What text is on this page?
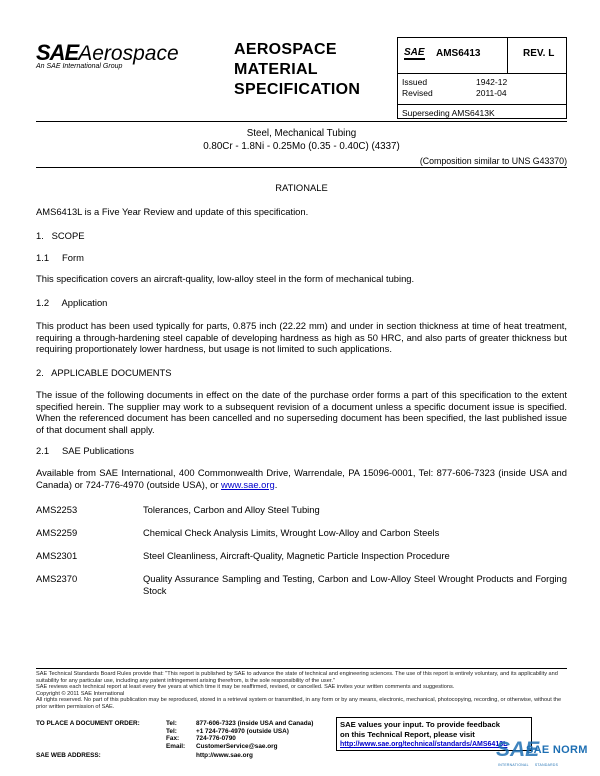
SAEAerospace
An SAE International Group
AEROSPACE
MATERIAL
SPECIFICATION
SAE AMS6413	REV. L
Issued	1942-12
Revised	2011-04
Superseding AMS6413K
Steel, Mechanical Tubing
0.80Cr - 1.8Ni - 0.25Mo (0.35 - 0.40C) (4337)
(Composition similar to UNS G43370)
RATIONALE
AMS6413L is a Five Year Review and update of this specification.
1.   SCOPE
1.1     Form
This specification covers an aircraft-quality, low-alloy steel in the form of mechanical tubing.
1.2     Application
This product has been used typically for parts, 0.875 inch (22.22 mm) and under in section thickness at time of heat treatment, requiring a through-hardening steel capable of developing hardness as high as 50 HRC, and also parts of greater thickness but requiring proportionately lower hardness, but usage is not limited to such applications.
2.   APPLICABLE DOCUMENTS
The issue of the following documents in effect on the date of the purchase order forms a part of this specification to the extent specified herein. The supplier may work to a subsequent revision of a document unless a specific document issue is specified. When the referenced document has been cancelled and no superseding document has been specified, the last published issue of that document shall apply.
2.1     SAE Publications
Available from SAE International, 400 Commonwealth Drive, Warrendale, PA 15096-0001, Tel: 877-606-7323 (inside USA and Canada) or 724-776-4970 (outside USA), or www.sae.org.
AMS2253	Tolerances, Carbon and Alloy Steel Tubing
AMS2259	Chemical Check Analysis Limits, Wrought Low-Alloy and Carbon Steels
AMS2301	Steel Cleanliness, Aircraft-Quality, Magnetic Particle Inspection Procedure
AMS2370	Quality Assurance Sampling and Testing, Carbon and Low-Alloy Steel Wrought Products and Forging Stock
SAE Technical Standards Board Rules provide that: "This report is published by SAE to advance the state of technical and engineering sciences. The use of this report is entirely voluntary, and its applicability and suitability for any particular use, including any patent infringement arising therefrom, is the sole responsibility of the user."
SAE reviews each technical report at least every five years at which time it may be reaffirmed, revised, or cancelled. SAE invites your written comments and suggestions.
Copyright © 2011 SAE International
All rights reserved. No part of this publication may be reproduced, stored in a retrieval system or transmitted, in any form or by any means, electronic, mechanical, photocopying, recording, or otherwise, without the prior written permission of SAE.
TO PLACE A DOCUMENT ORDER:	Tel:	877-606-7323 (inside USA and Canada)
Tel:	+1 724-776-4970 (outside USA)
Fax:	724-776-0790
Email: CustomerService@sae.org
SAE WEB ADDRESS:	http://www.sae.org
SAE values your input. To provide feedback
on this Technical Report, please visit
http://www.sae.org/technical/standards/AMS6413L
SAE
SAE NORM
INTERNATIONAL     STANDARDS
